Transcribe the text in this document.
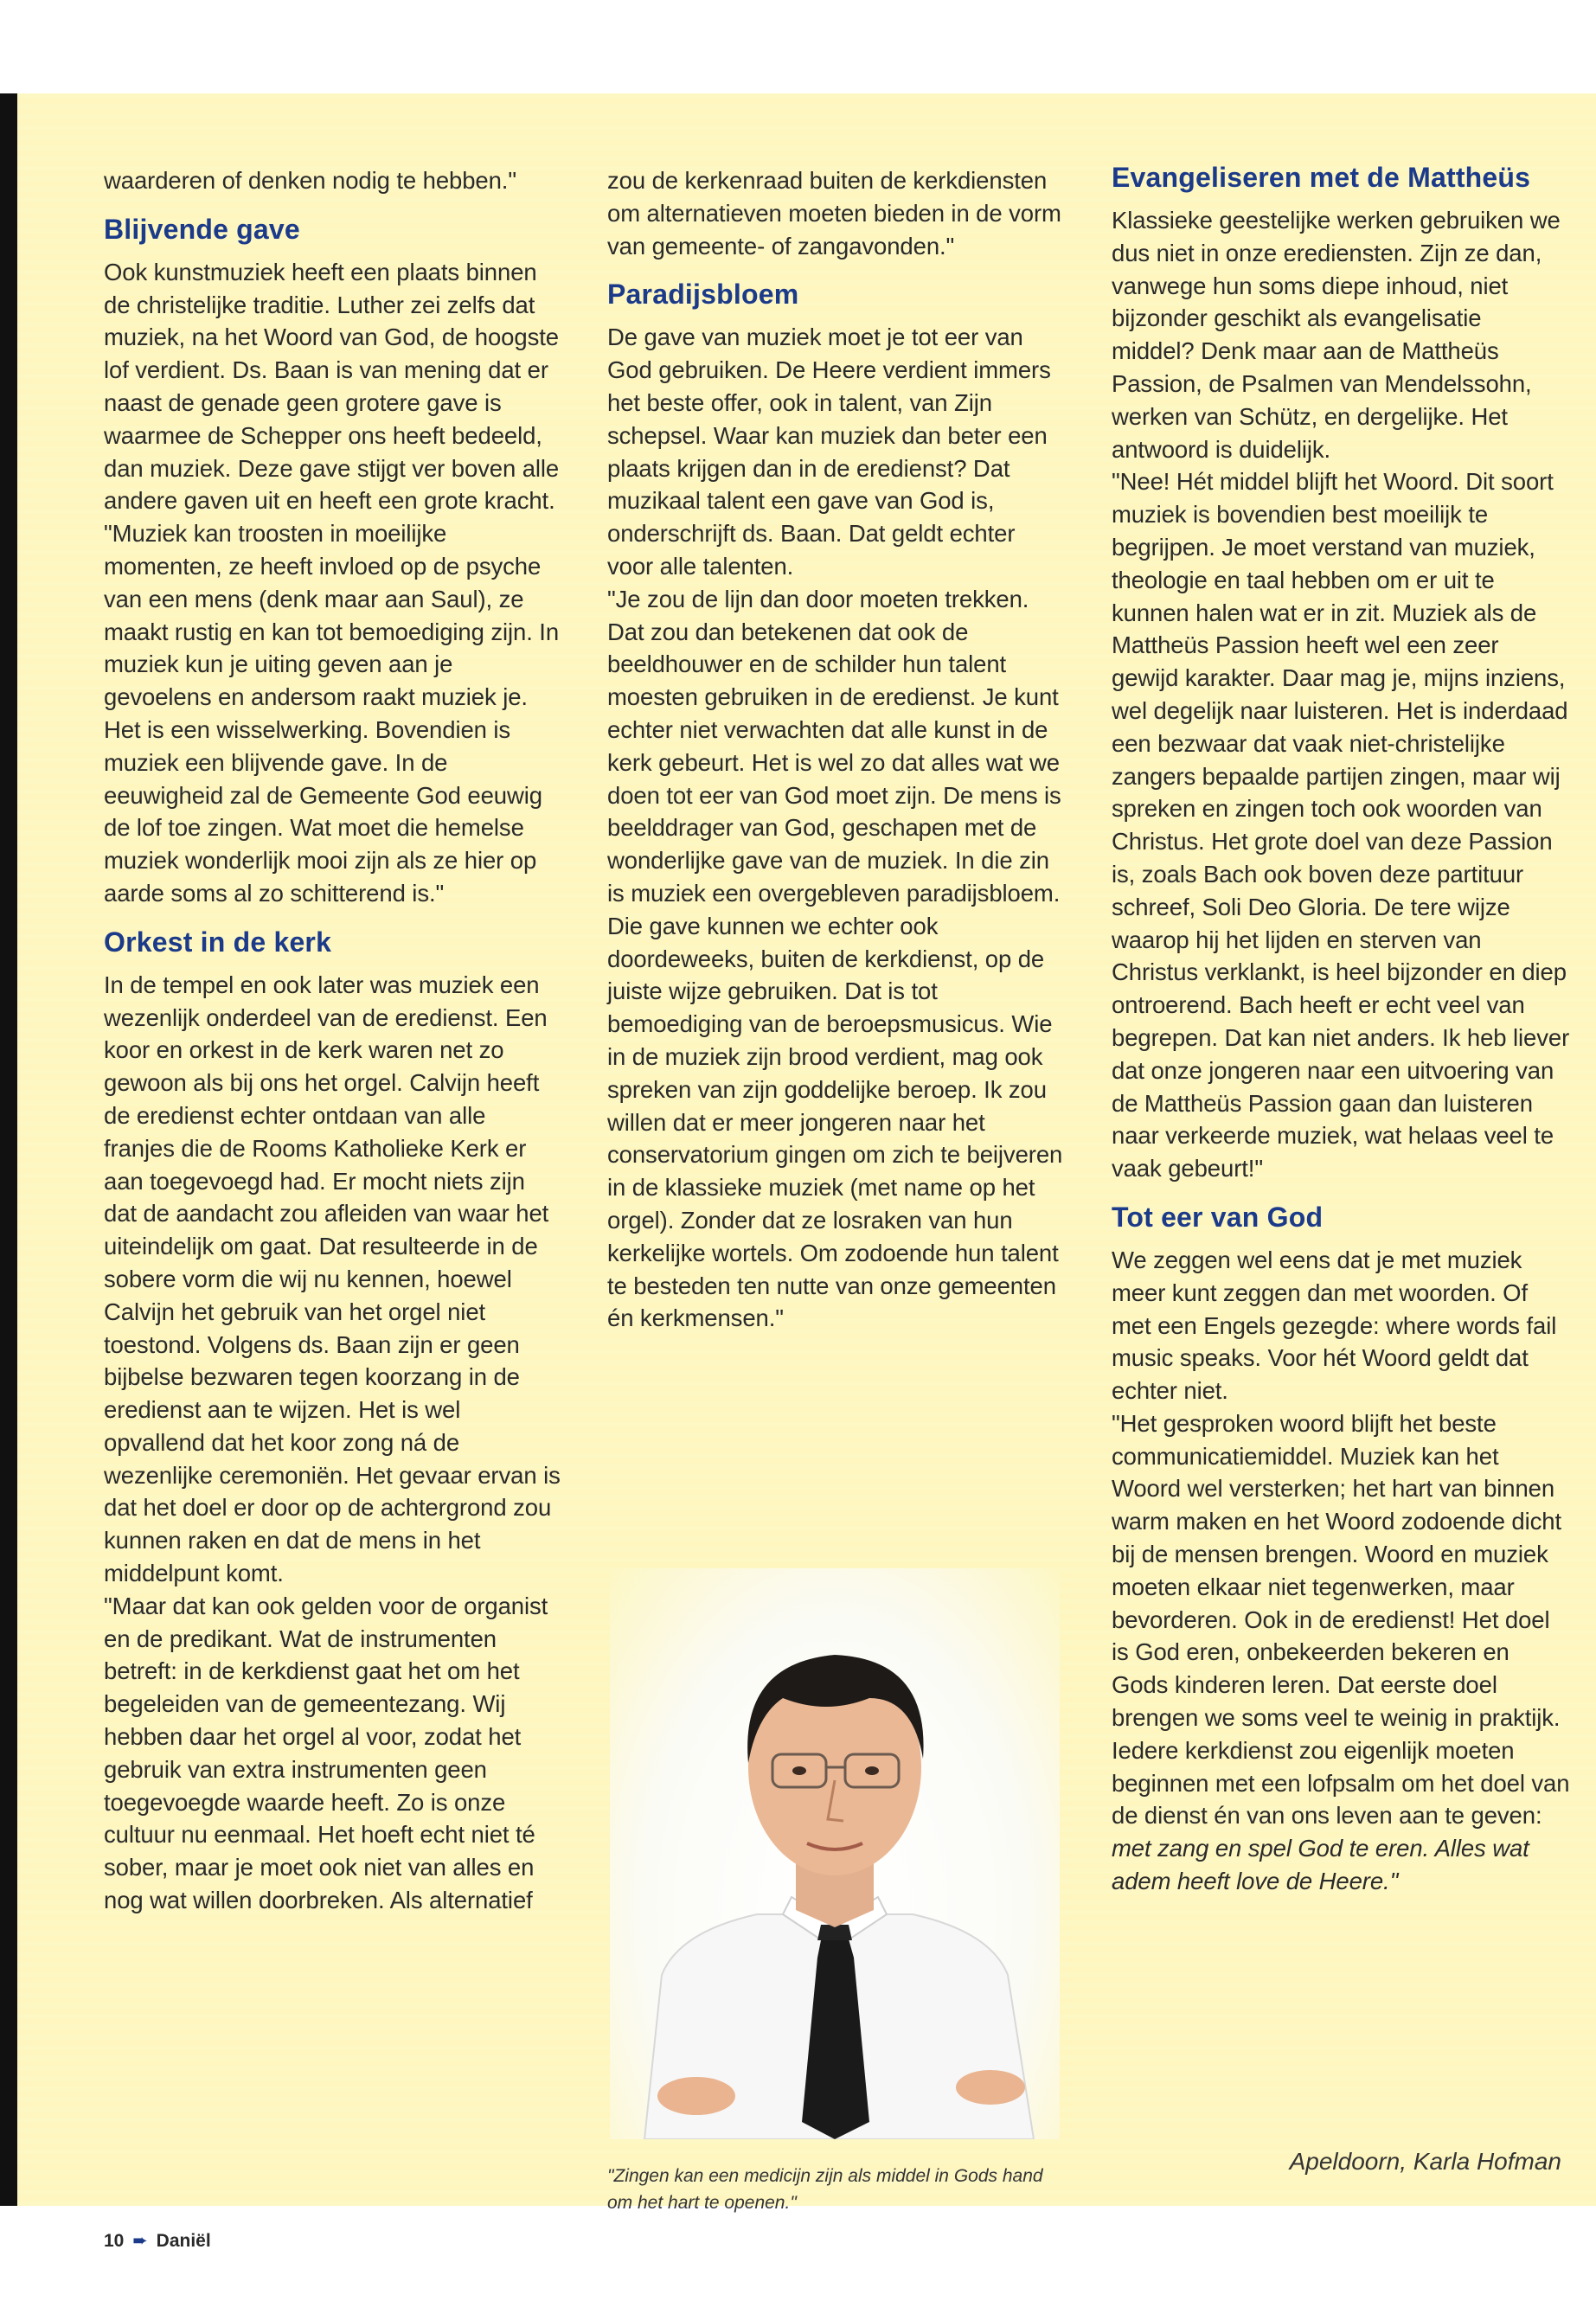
waarderen of denken nodig te hebben."

Blijvende gave

Ook kunstmuziek heeft een plaats binnen de christelijke traditie. Luther zei zelfs dat muziek, na het Woord van God, de hoogste lof verdient. Ds. Baan is van mening dat er naast de genade geen grotere gave is waarmee de Schepper ons heeft bedeeld, dan muziek. Deze gave stijgt ver boven alle andere gaven uit en heeft een grote kracht.

"Muziek kan troosten in moeilijke momenten, ze heeft invloed op de psyche van een mens (denk maar aan Saul), ze maakt rustig en kan tot bemoediging zijn. In muziek kun je uiting geven aan je gevoelens en andersom raakt muziek je. Het is een wisselwerking. Bovendien is muziek een blijvende gave. In de eeuwigheid zal de Gemeente God eeuwig de lof toe zingen. Wat moet die hemelse muziek wonderlijk mooi zijn als ze hier op aarde soms al zo schitterend is."

Orkest in de kerk

In de tempel en ook later was muziek een wezenlijk onderdeel van de eredienst. Een koor en orkest in de kerk waren net zo gewoon als bij ons het orgel. Calvijn heeft de eredienst echter ontdaan van alle franjes die de Rooms Katholieke Kerk er aan toegevoegd had. Er mocht niets zijn dat de aandacht zou afleiden van waar het uiteindelijk om gaat. Dat resulteerde in de sobere vorm die wij nu kennen, hoewel Calvijn het gebruik van het orgel niet toestond. Volgens ds. Baan zijn er geen bijbelse bezwaren tegen koorzang in de eredienst aan te wijzen. Het is wel opvallend dat het koor zong ná de wezenlijke ceremoniën. Het gevaar ervan is dat het doel er door op de achtergrond zou kunnen raken en dat de mens in het middelpunt komt.

"Maar dat kan ook gelden voor de organist en de predikant. Wat de instrumenten betreft: in de kerkdienst gaat het om het begeleiden van de gemeentezang. Wij hebben daar het orgel al voor, zodat het gebruik van extra instrumenten geen toegevoegde waarde heeft. Zo is onze cultuur nu eenmaal. Het hoeft echt niet té sober, maar je moet ook niet van alles en nog wat willen doorbreken. Als alternatief

zou de kerkenraad buiten de kerkdiensten om alternatieven moeten bieden in de vorm van gemeente- of zangavonden."

Paradijsbloem

De gave van muziek moet je tot eer van God gebruiken. De Heere verdient immers het beste offer, ook in talent, van Zijn schepsel. Waar kan muziek dan beter een plaats krijgen dan in de eredienst? Dat muzikaal talent een gave van God is, onderschrijft ds. Baan. Dat geldt echter voor alle talenten.

"Je zou de lijn dan door moeten trekken. Dat zou dan betekenen dat ook de beeldhouwer en de schilder hun talent moesten gebruiken in de eredienst. Je kunt echter niet verwachten dat alle kunst in de kerk gebeurt. Het is wel zo dat alles wat we doen tot eer van God moet zijn. De mens is beelddrager van God, geschapen met de wonderlijke gave van de muziek. In die zin is muziek een overgebleven paradijsbloem. Die gave kunnen we echter ook doordeweeks, buiten de kerkdienst, op de juiste wijze gebruiken. Dat is tot bemoediging van de beroepsmusicus. Wie in de muziek zijn brood verdient, mag ook spreken van zijn goddelijke beroep. Ik zou willen dat er meer jongeren naar het conservatorium gingen om zich te beijveren in de klassieke muziek (met name op het orgel). Zonder dat ze losraken van hun kerkelijke wortels. Om zodoende hun talent te besteden ten nutte van onze gemeenten én kerkmensen."

"Zingen kan een medicijn zijn als middel in Gods hand om het hart te openen."
Evangeliseren met de Mattheüs

Klassieke geestelijke werken gebruiken we dus niet in onze erediensten. Zijn ze dan, vanwege hun soms diepe inhoud, niet bijzonder geschikt als evangelisatie middel? Denk maar aan de Mattheüs Passion, de Psalmen van Mendelssohn, werken van Schütz, en dergelijke. Het antwoord is duidelijk.

"Nee! Hét middel blijft het Woord. Dit soort muziek is bovendien best moeilijk te begrijpen. Je moet verstand van muziek, theologie en taal hebben om er uit te kunnen halen wat er in zit. Muziek als de Mattheüs Passion heeft wel een zeer gewijd karakter. Daar mag je, mijns inziens, wel degelijk naar luisteren. Het is inderdaad een bezwaar dat vaak niet-christelijke zangers bepaalde partijen zingen, maar wij spreken en zingen toch ook woorden van Christus. Het grote doel van deze Passion is, zoals Bach ook boven deze partituur schreef, Soli Deo Gloria. De tere wijze waarop hij het lijden en sterven van Christus verklankt, is heel bijzonder en diep ontroerend. Bach heeft er echt veel van begrepen. Dat kan niet anders. Ik heb liever dat onze jongeren naar een uitvoering van de Mattheüs Passion gaan dan luisteren naar verkeerde muziek, wat helaas veel te vaak gebeurt!"

Tot eer van God

We zeggen wel eens dat je met muziek meer kunt zeggen dan met woorden. Of met een Engels gezegde: where words fail music speaks. Voor hét Woord geldt dat echter niet.

"Het gesproken woord blijft het beste communicatiemiddel. Muziek kan het Woord wel versterken; het hart van binnen warm maken en het Woord zodoende dicht bij de mensen brengen. Woord en muziek moeten elkaar niet tegenwerken, maar bevorderen. Ook in de eredienst! Het doel is God eren, onbekeerden bekeren en Gods kinderen leren. Dat eerste doel brengen we soms veel te weinig in praktijk. Iedere kerkdienst zou eigenlijk moeten beginnen met een lofpsalm om het doel van de dienst én van ons leven aan te geven: met zang en spel God te eren. Alles wat adem heeft love de Heere."

Apeldoorn, Karla Hofman
10 ➨ Daniël
